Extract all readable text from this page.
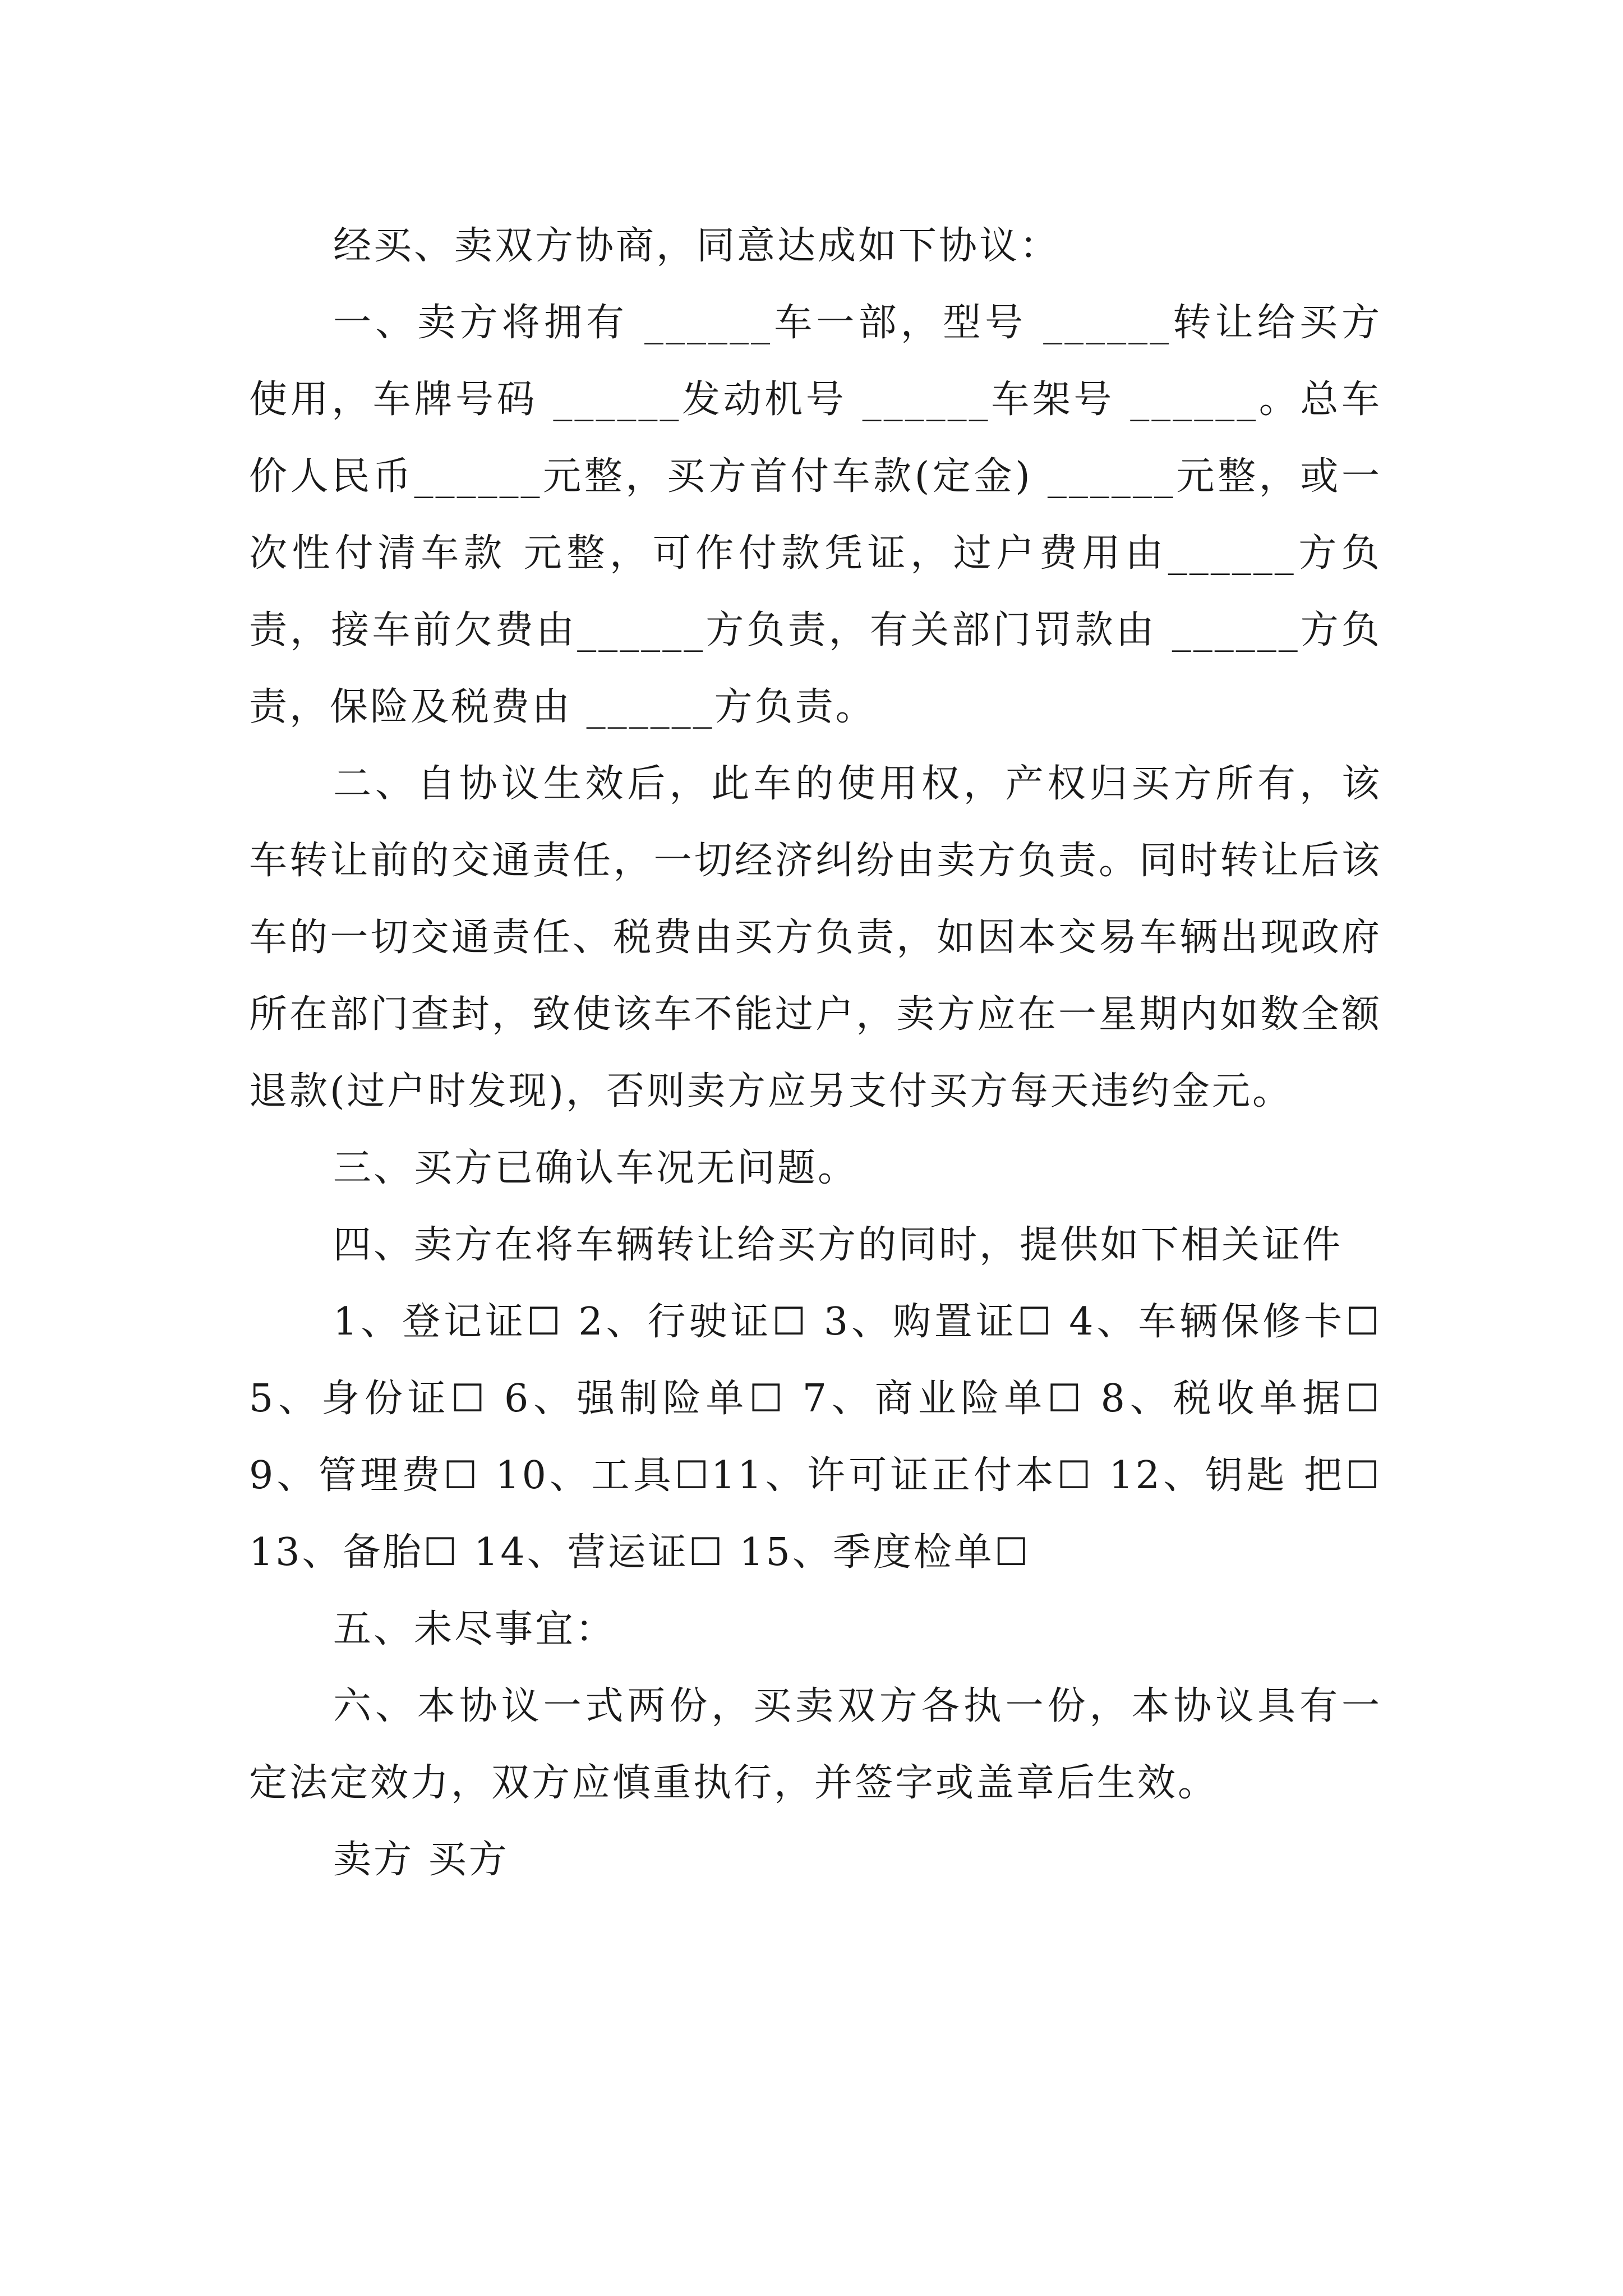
经买、卖双方协商，同意达成如下协议：

一、卖方将拥有 ______车一部，型号 ______转让给买方使用，车牌号码 ______发动机号 ______车架号 ______。总车价人民币______元整，买方首付车款(定金) ______元整，或一次性付清车款 元整，可作付款凭证，过户费用由______方负责，接车前欠费由______方负责，有关部门罚款由 ______方负责，保险及税费由 ______方负责。

二、自协议生效后，此车的使用权，产权归买方所有，该车转让前的交通责任，一切经济纠纷由卖方负责。同时转让后该车的一切交通责任、税费由买方负责，如因本交易车辆出现政府所在部门查封，致使该车不能过户，卖方应在一星期内如数全额退款(过户时发现)，否则卖方应另支付买方每天违约金元。

三、买方已确认车况无问题。

四、卖方在将车辆转让给买方的同时，提供如下相关证件

1、登记证☐ 2、行驶证☐ 3、购置证☐ 4、车辆保修卡☐ 5、身份证☐ 6、强制险单☐ 7、商业险单☐ 8、税收单据☐ 9、管理费☐ 10、工具☐11、许可证正付本☐ 12、钥匙 把☐ 13、备胎☐ 14、营运证☐ 15、季度检单☐

五、未尽事宜：

六、本协议一式两份，买卖双方各执一份，本协议具有一定法定效力，双方应慎重执行，并签字或盖章后生效。

卖方 买方
